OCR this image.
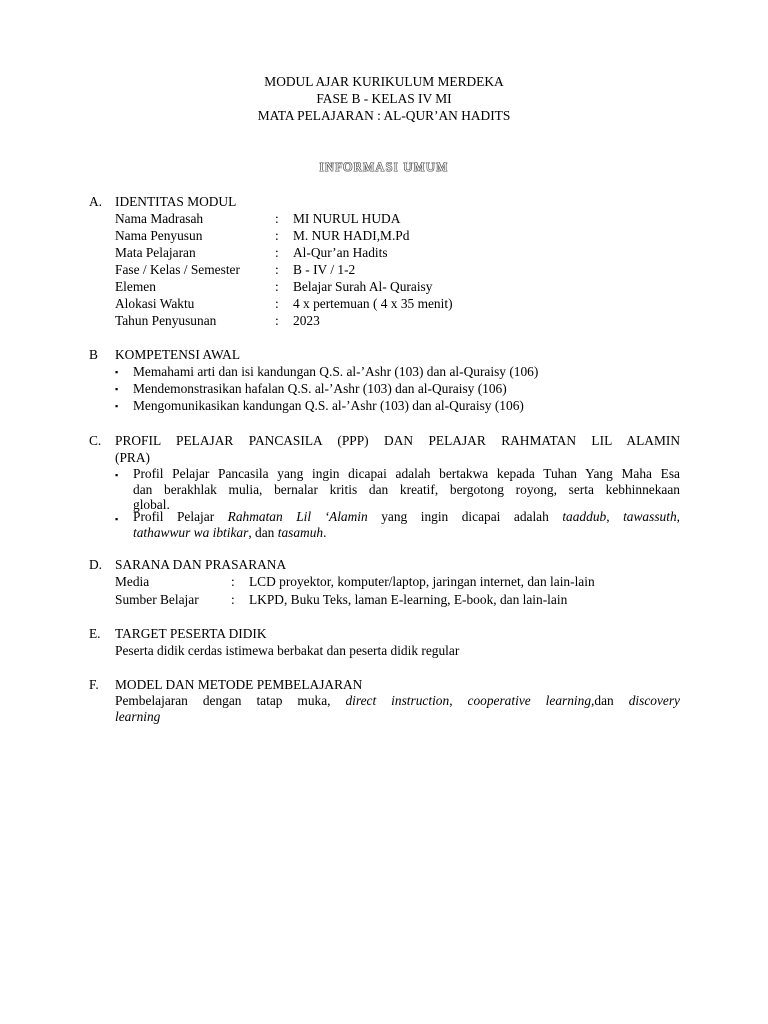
MODUL AJAR KURIKULUM MERDEKA
FASE B - KELAS IV MI
MATA PELAJARAN : AL-QUR’AN HADITS
INFORMASI UMUM
A. IDENTITAS MODUL
Nama Madrasah	: MI NURUL HUDA
Nama Penyusun	: M. NUR HADI,M.Pd
Mata Pelajaran	: Al-Qur’an Hadits
Fase / Kelas / Semester	: B - IV / 1-2
Elemen	: Belajar Surah Al- Quraisy
Alokasi Waktu	: 4 x pertemuan ( 4 x 35 menit)
Tahun Penyusunan	: 2023
B KOMPETENSI AWAL
▪ Memahami arti dan isi kandungan Q.S. al-’Ashr (103) dan al-Quraisy (106)
▪ Mendemonstrasikan hafalan Q.S. al-’Ashr (103) dan al-Quraisy (106)
▪ Mengomunikasikan kandungan Q.S. al-’Ashr (103) dan al-Quraisy (106)
C. PROFIL PELAJAR PANCASILA (PPP) DAN PELAJAR RAHMATAN LIL ALAMIN
(PRA)
▪ Profil Pelajar Pancasila yang ingin dicapai adalah bertakwa kepada Tuhan Yang Maha Esa
dan berakhlak mulia, bernalar kritis dan kreatif, bergotong royong, serta kebhinnekaan
global.
▪ Profil Pelajar Rahmatan Lil ‘Alamin yang ingin dicapai adalah taaddub, tawassuth,
tathawwur wa ibtikar, dan tasamuh.
D. SARANA DAN PRASARANA
Media	: LCD proyektor, komputer/laptop, jaringan internet, dan lain-lain
Sumber Belajar : LKPD, Buku Teks, laman E-learning, E-book, dan lain-lain
E. TARGET PESERTA DIDIK
Peserta didik cerdas istimewa berbakat dan peserta didik regular
F. MODEL DAN METODE PEMBELAJARAN
Pembelajaran dengan tatap muka, direct instruction, cooperative learning,dan discovery
learning
